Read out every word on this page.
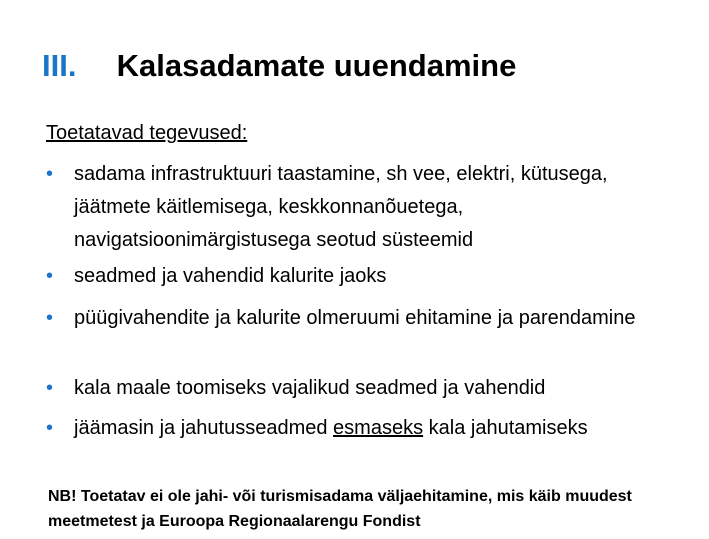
III. Kalasadamate uuendamine
Toetatavad tegevused:
• sadama infrastruktuuri taastamine, sh vee, elektri, kütusega, jäätmete käitlemisega, keskkonnanõuetega, navigatsioonimärgistusega seotud süsteemid
• seadmed ja vahendid kalurite jaoks
• püügivahendite ja kalurite olmeruumi ehitamine ja parendamine
• kala maale toomiseks vajalikud seadmed ja vahendid
• jäämasin ja jahutusseadmed esmaseks kala jahutamiseks
NB! Toetatav ei ole jahi- või turismisadama väljaehitamine, mis käib muudest meetmetest ja Euroopa Regionaalarengu Fondist
